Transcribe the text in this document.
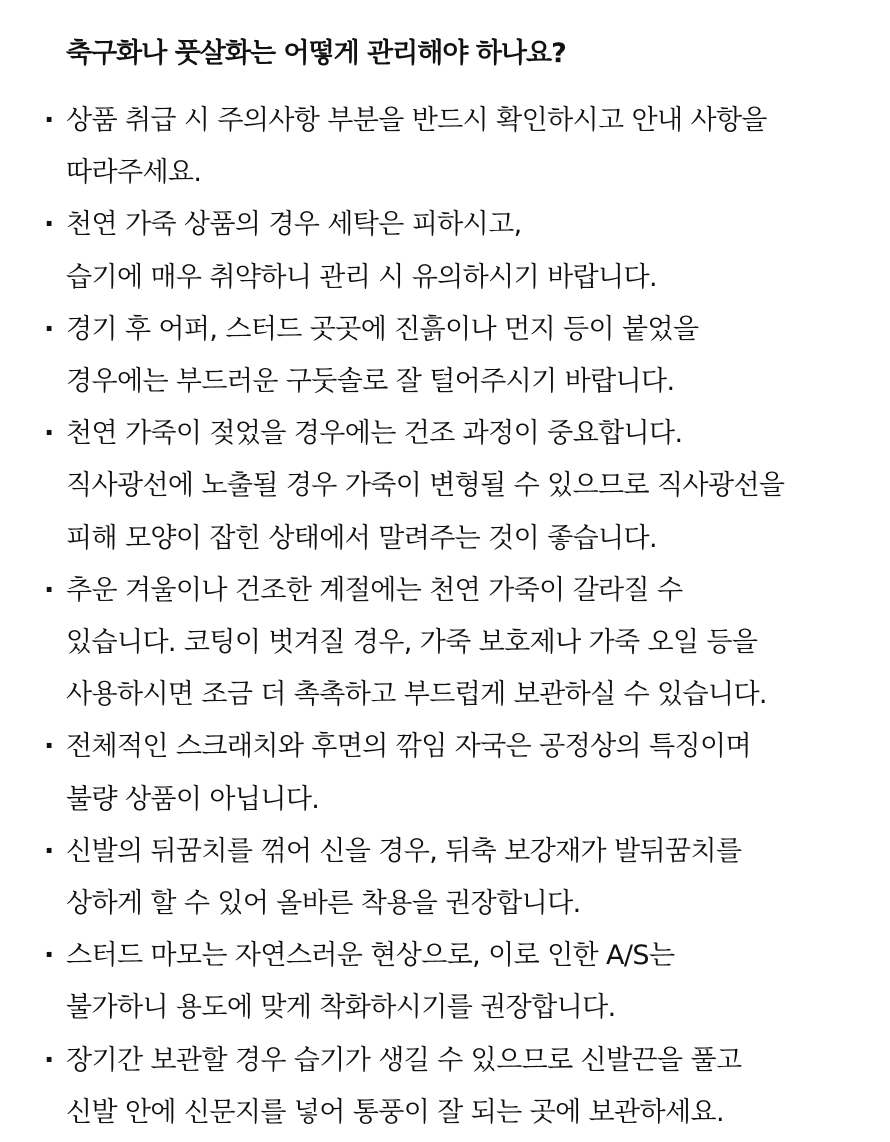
축구화나 풋살화는 어떻게 관리해야 하나요?
· 상품 취급 시 주의사항 부분을 반드시 확인하시고 안내 사항을
따라주세요.
· 천연 가죽 상품의 경우 세탁은 피하시고,
습기에 매우 취약하니 관리 시 유의하시기 바랍니다.
· 경기 후 어퍼, 스터드 곳곳에 진흙이나 먼지 등이 붙었을
경우에는 부드러운 구둣솔로 잘 털어주시기 바랍니다.
· 천연 가죽이 젖었을 경우에는 건조 과정이 중요합니다.
직사광선에 노출될 경우 가죽이 변형될 수 있으므로 직사광선을
피해 모양이 잡힌 상태에서 말려주는 것이 좋습니다.
· 추운 겨울이나 건조한 계절에는 천연 가죽이 갈라질 수
있습니다. 코팅이 벗겨질 경우, 가죽 보호제나 가죽 오일 등을
사용하시면 조금 더 촉촉하고 부드럽게 보관하실 수 있습니다.
· 전체적인 스크래치와 후면의 깎임 자국은 공정상의 특징이며
불량 상품이 아닙니다.
· 신발의 뒤꿈치를 꺾어 신을 경우, 뒤축 보강재가 발뒤꿈치를
상하게 할 수 있어 올바른 착용을 권장합니다.
· 스터드 마모는 자연스러운 현상으로, 이로 인한 A/S는
불가하니 용도에 맞게 착화하시기를 권장합니다.
· 장기간 보관할 경우 습기가 생길 수 있으므로 신발끈을 풀고
신발 안에 신문지를 넣어 통풍이 잘 되는 곳에 보관하세요.
